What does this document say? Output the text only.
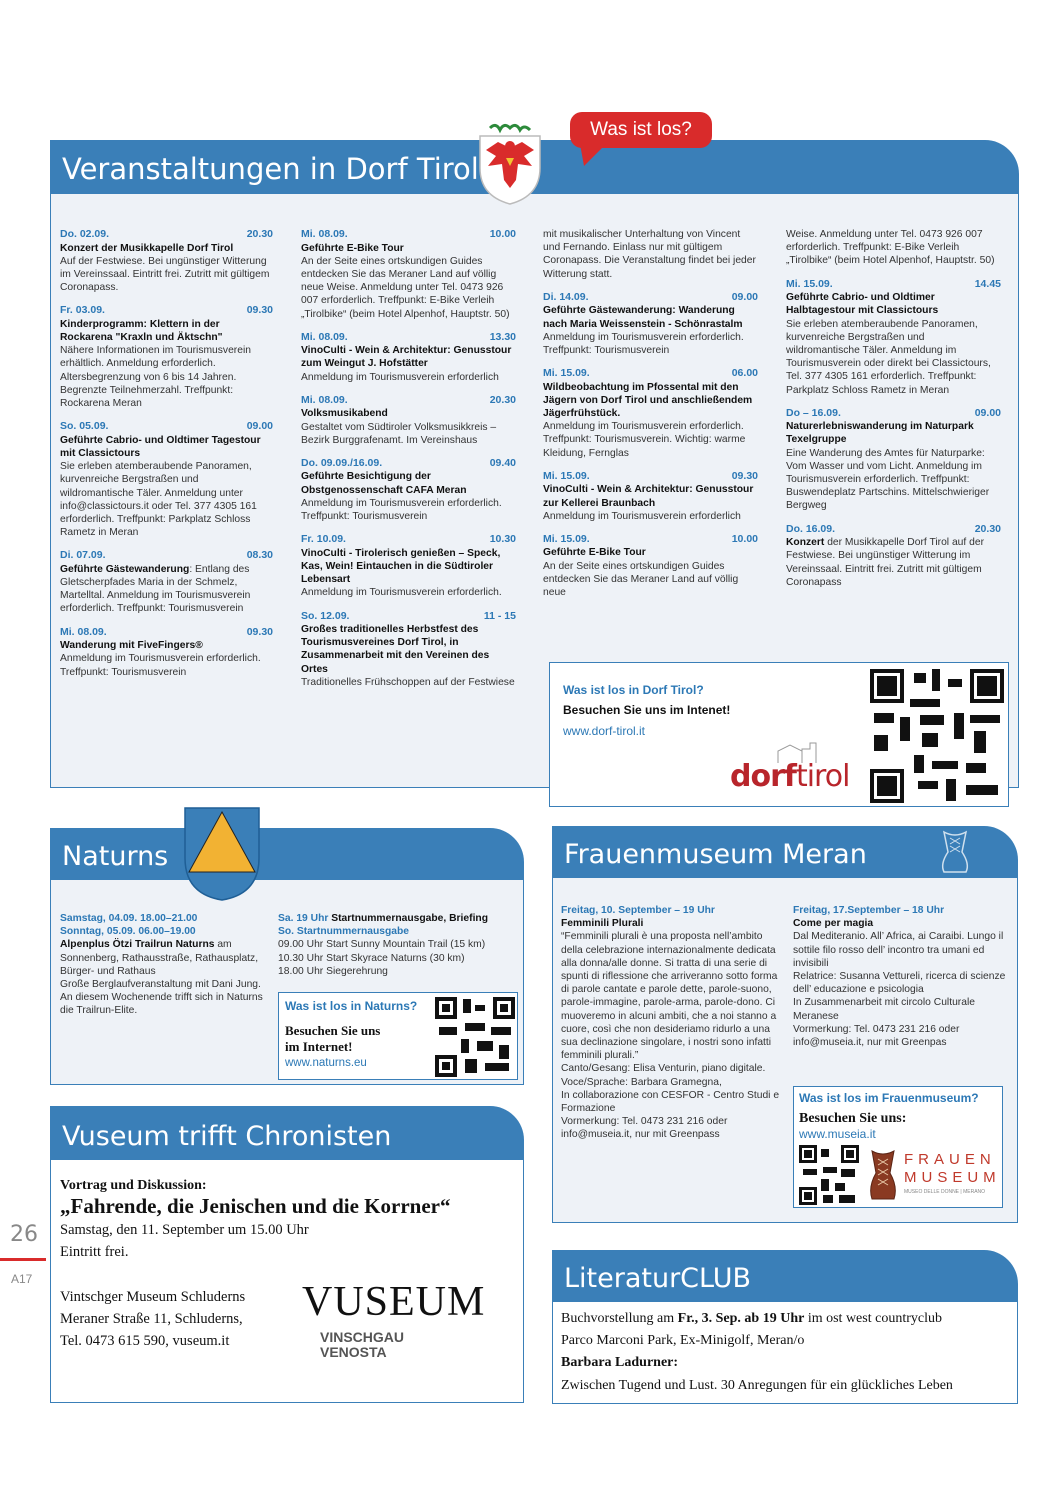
Veranstaltungen in Dorf Tirol
Was ist los?
Do. 02.09.	20.30
Konzert der Musikkapelle Dorf Tirol
Auf der Festwiese. Bei ungünstiger Witterung im Vereinssaal. Eintritt frei. Zutritt mit gültigem Coronapass.
Fr. 03.09.	09.30
Kinderprogramm: Klettern in der Rockarena "Kraxln und Äktschn"
Nähere Informationen im Tourismusverein erhältlich. Anmeldung erforderlich. Altersbegrenzung von 6 bis 14 Jahren. Begrenzte Teilnehmerzahl. Treffpunkt: Rockarena Meran
So. 05.09.	09.00
Geführte Cabrio- und Oldtimer Tagestour mit Classictours
Sie erleben atemberaubende Panoramen, kurvenreiche Bergstraßen und wildromantische Täler. Anmeldung unter info@classictours.it oder Tel. 377 4305 161 erforderlich. Treffpunkt: Parkplatz Schloss Rametz in Meran
Di. 07.09.	08.30
Geführte Gästewanderung: Entlang des Gletscherpfades Maria in der Schmelz, Martelltal. Anmeldung im Tourismusverein erforderlich. Treffpunkt: Tourismusverein
Mi. 08.09.	09.30
Wanderung mit FiveFingers®
Anmeldung im Tourismusverein erforderlich. Treffpunkt: Tourismusverein
Mi. 08.09.	10.00
Geführte E-Bike Tour
An der Seite eines ortskundigen Guides entdecken Sie das Meraner Land auf völlig neue Weise. Anmeldung unter Tel. 0473 926 007 erforderlich. Treffpunkt: E-Bike Verleih „Tirolbike“ (beim Hotel Alpenhof, Hauptstr. 50)
Mi. 08.09.	13.30
VinoCulti - Wein & Architektur: Genusstour zum Weingut J. Hofstätter
Anmeldung im Tourismusverein erforderlich
Mi. 08.09.	20.30
Volksmusikabend
Gestaltet vom Südtiroler Volksmusikkreis – Bezirk Burggrafenamt. Im Vereinshaus
Do. 09.09./16.09.	09.40
Geführte Besichtigung der Obstgenossenschaft CAFA Meran
Anmeldung im Tourismusverein erforderlich. Treffpunkt: Tourismusverein
Fr. 10.09.	10.30
VinoCulti - Tirolerisch genießen – Speck, Kas, Wein! Eintauchen in die Südtiroler Lebensart
Anmeldung im Tourismusverein erforderlich.
So. 12.09.	11 - 15
Großes traditionelles Herbstfest des Tourismusvereines Dorf Tirol, in Zusammenarbeit mit den Vereinen des Ortes
Traditionelles Frühschoppen auf der Festwiese
mit musikalischer Unterhaltung von Vincent und Fernando. Einlass nur mit gültigem Coronapass. Die Veranstaltung findet bei jeder Witterung statt.
Di. 14.09.	09.00
Geführte Gästewanderung: Wanderung nach Maria Weissenstein - Schönrastalm
Anmeldung im Tourismusverein erforderlich. Treffpunkt: Tourismusverein
Mi. 15.09.	06.00
Wildbeobachtung im Pfossental mit den Jägern von Dorf Tirol und anschließendem Jägerfrühstück.
Anmeldung im Tourismusverein erforderlich. Treffpunkt: Tourismusverein. Wichtig: warme Kleidung, Fernglas
Mi. 15.09.	09.30
VinoCulti - Wein & Architektur: Genusstour zur Kellerei Braunbach
Anmeldung im Tourismusverein erforderlich
Mi. 15.09.	10.00
Geführte E-Bike Tour
An der Seite eines ortskundigen Guides entdecken Sie das Meraner Land auf völlig neue
Weise. Anmeldung unter Tel. 0473 926 007 erforderlich. Treffpunkt: E-Bike Verleih „Tirolbike“ (beim Hotel Alpenhof, Hauptstr. 50)
Mi. 15.09.	14.45
Geführte Cabrio- und Oldtimer Halbtagestour mit Classictours
Sie erleben atemberaubende Panoramen, kurvenreiche Bergstraßen und wildromantische Täler. Anmeldung im Tourismusverein oder direkt bei Classictours, Tel. 377 4305 161 erforderlich. Treffpunkt: Parkplatz Schloss Rametz in Meran
Do – 16.09.	09.00
Naturerlebniswanderung im Naturpark Texelgruppe
Eine Wanderung des Amtes für Naturparke: Vom Wasser und vom Licht. Anmeldung im Tourismusverein erforderlich. Treffpunkt: Buswendeplatz Partschins. Mittelschwieriger Bergweg
Do. 16.09.	20.30
Konzert der Musikkapelle Dorf Tirol auf der Festwiese. Bei ungünstiger Witterung im Vereinssaal. Eintritt frei. Zutritt mit gültigem Coronapass
Was ist los in Dorf Tirol?
Besuchen Sie uns im Intenet!
www.dorf-tirol.it
dorftirol
Naturns
Samstag, 04.09. 18.00–21.00
Sonntag, 05.09. 06.00–19.00
Alpenplus Ötzi Trailrun Naturns am Sonnenberg, Rathausstraße, Rathausplatz, Bürger- und Rathaus
Große Berglaufveranstaltung mit Dani Jung.
An diesem Wochenende trifft sich in Naturns die Trailrun-Elite.
Sa. 19 Uhr Startnummernausgabe, Briefing
So. Startnummernausgabe
09.00 Uhr Start Sunny Mountain Trail (15 km)
10.30 Uhr Start Skyrace Naturns (30 km)
18.00 Uhr Siegerehrung
Was ist los in Naturns?
Besuchen Sie uns
im Internet!
www.naturns.eu
Frauenmuseum Meran
Freitag, 10. September – 19 Uhr
Femminili Plurali
“Femminili plurali è una proposta nell’ambito della celebrazione internazionalmente dedicata alla donna/alle donne. Si tratta di una serie di spunti di riflessione che arriveranno sotto forma di parole cantate e parole dette, parole-suono, parole-immagine, parole-arma, parole-dono. Ci muoveremo in alcuni ambiti, che a noi stanno a cuore, così che non desideriamo ridurlo a una sua declinazione singolare, i nostri sono infatti femminili plurali.”
Canto/Gesang: Elisa Venturin, piano digitale.
Voce/Sprache: Barbara Gramegna,
In collaborazione con CESFOR - Centro Studi e Formazione
Vormerkung: Tel. 0473 231 216 oder info@museia.it, nur mit Greenpass
Freitag, 17.September – 18 Uhr
Come per magia
Dal Mediteranio. All’ Africa, ai Caraibi. Lungo il sottile filo rosso dell’ incontro tra umani ed invisibili
Relatrice: Susanna Vettureli, ricerca di scienze dell’ educazione e psicologia
In Zusammenarbeit mit circolo Culturale Meranese
Vormerkung: Tel. 0473 231 216 oder info@museia.it, nur mit Greenpas
Was ist los im Frauenmuseum?
Besuchen Sie uns:
www.museia.it
FRAUEN
MUSEUM
MUSEO DELLE DONNE | MERANO
Vuseum trifft Chronisten
Vortrag und Diskussion:
„Fahrende, die Jenischen und die Korrner“
Samstag, den 11. September um 15.00 Uhr
Eintritt frei.
Vintschger Museum Schluderns
Meraner Straße 11, Schluderns,
Tel. 0473 615 590, vuseum.it
VUSEUM
VINSCHGAU
VENOSTA
LiteraturCLUB
Buchvorstellung am Fr., 3. Sep. ab 19 Uhr im ost west countryclub
Parco Marconi Park, Ex-Minigolf, Meran/o
Barbara Ladurner:
Zwischen Tugend und Lust. 30 Anregungen für ein glückliches Leben
26
A17
